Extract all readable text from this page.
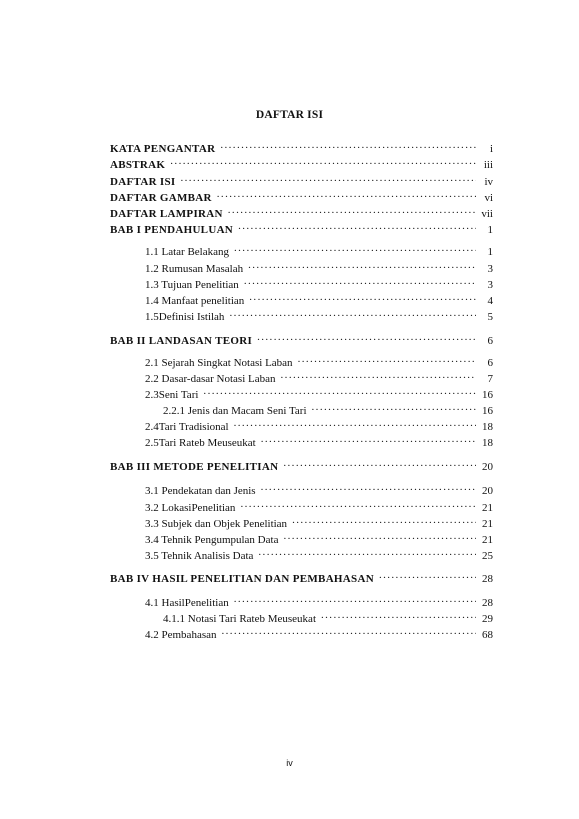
DAFTAR ISI
KATA PENGANTAR .....	i
ABSTRAK .....	iii
DAFTAR ISI .....	iv
DAFTAR GAMBAR .....	vi
DAFTAR LAMPIRAN .....	vii
BAB I PENDAHULUAN .....	1
1.1 Latar Belakang .....	1
1.2 Rumusan Masalah .....	3
1.3 Tujuan Penelitian .....	3
1.4 Manfaat penelitian .....	4
1.5Definisi Istilah .....	5
BAB II LANDASAN TEORI .....	6
2.1 Sejarah Singkat Notasi Laban .....	6
2.2 Dasar-dasar Notasi Laban .....	7
2.3Seni Tari .....	16
2.2.1 Jenis dan Macam Seni Tari .....	16
2.4Tari Tradisional .....	18
2.5Tari Rateb Meuseukat .....	18
BAB III METODE PENELITIAN .....	20
3.1 Pendekatan dan Jenis .....	20
3.2 LokasiPenelitian .....	21
3.3 Subjek dan Objek Penelitian .....	21
3.4 Tehnik Pengumpulan Data .....	21
3.5 Tehnik Analisis Data .....	25
BAB IV HASIL PENELITIAN DAN PEMBAHASAN .....	28
4.1 HasilPenelitian .....	28
4.1.1 Notasi Tari Rateb Meuseukat .....	29
4.2 Pembahasan .....	68
iv
